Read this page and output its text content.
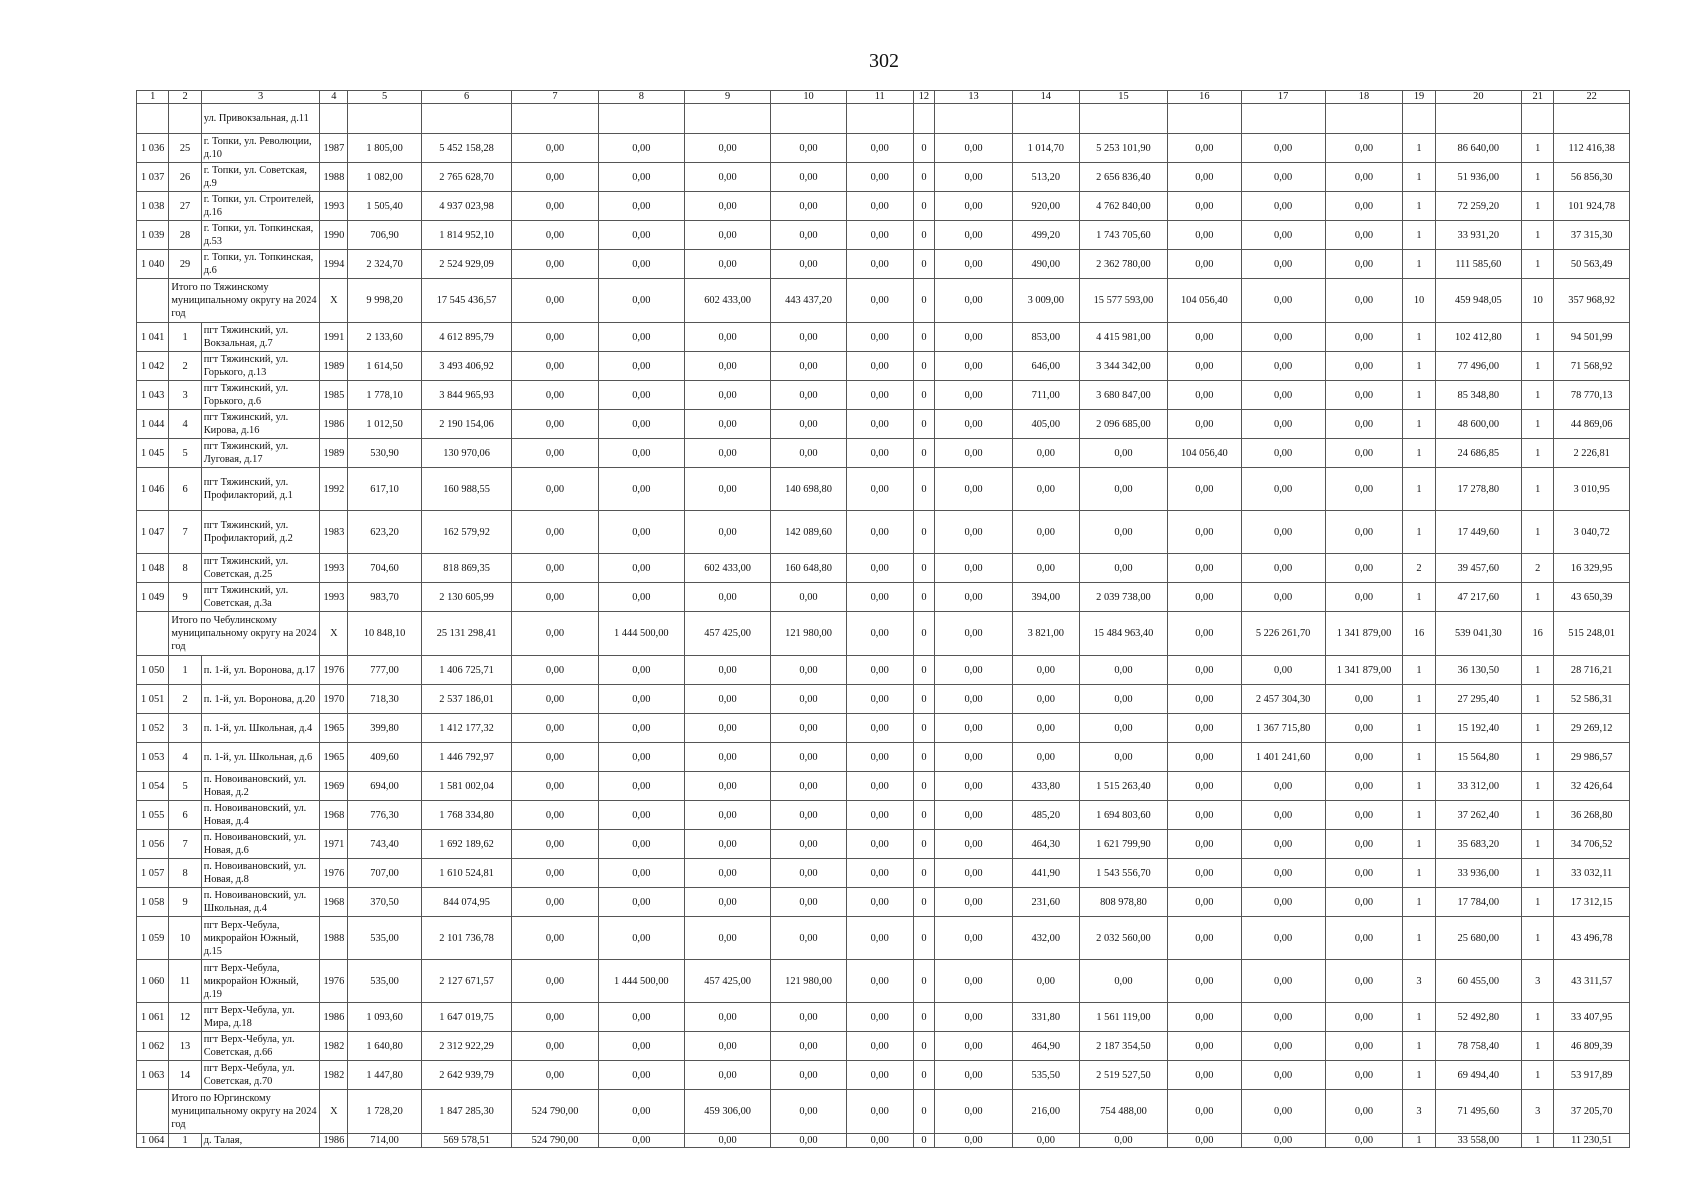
302
1	2	3	4	5	6	7	8	9	10	11	12	13	14	15	16	17	18	19	20	21	22
		ул. Привокзальная, д.11																			
1 036	25	г. Топки, ул. Революции, д.10	1987	1 805,00	5 452 158,28	0,00	0,00	0,00	0,00	0,00	0	0,00	1 014,70	5 253 101,90	0,00	0,00	0,00	1	86 640,00	1	112 416,38
1 037	26	г. Топки, ул. Советская, д.9	1988	1 082,00	2 765 628,70	0,00	0,00	0,00	0,00	0,00	0	0,00	513,20	2 656 836,40	0,00	0,00	0,00	1	51 936,00	1	56 856,30
1 038	27	г. Топки, ул. Строителей, д.16	1993	1 505,40	4 937 023,98	0,00	0,00	0,00	0,00	0,00	0	0,00	920,00	4 762 840,00	0,00	0,00	0,00	1	72 259,20	1	101 924,78
1 039	28	г. Топки, ул. Топкинская, д.53	1990	706,90	1 814 952,10	0,00	0,00	0,00	0,00	0,00	0	0,00	499,20	1 743 705,60	0,00	0,00	0,00	1	33 931,20	1	37 315,30
1 040	29	г. Топки, ул. Топкинская, д.6	1994	2 324,70	2 524 929,09	0,00	0,00	0,00	0,00	0,00	0	0,00	490,00	2 362 780,00	0,00	0,00	0,00	1	111 585,60	1	50 563,49
	Итого по Тяжинскому муниципальному округу на 2024 год		X	9 998,20	17 545 436,57	0,00	0,00	602 433,00	443 437,20	0,00	0	0,00	3 009,00	15 577 593,00	104 056,40	0,00	0,00	10	459 948,05	10	357 968,92
1 041	1	пгт Тяжинский, ул. Вокзальная, д.7	1991	2 133,60	4 612 895,79	0,00	0,00	0,00	0,00	0,00	0	0,00	853,00	4 415 981,00	0,00	0,00	0,00	1	102 412,80	1	94 501,99
1 042	2	пгт Тяжинский, ул. Горького, д.13	1989	1 614,50	3 493 406,92	0,00	0,00	0,00	0,00	0,00	0	0,00	646,00	3 344 342,00	0,00	0,00	0,00	1	77 496,00	1	71 568,92
1 043	3	пгт Тяжинский, ул. Горького, д.6	1985	1 778,10	3 844 965,93	0,00	0,00	0,00	0,00	0,00	0	0,00	711,00	3 680 847,00	0,00	0,00	0,00	1	85 348,80	1	78 770,13
1 044	4	пгт Тяжинский, ул. Кирова, д.16	1986	1 012,50	2 190 154,06	0,00	0,00	0,00	0,00	0,00	0	0,00	405,00	2 096 685,00	0,00	0,00	0,00	1	48 600,00	1	44 869,06
1 045	5	пгт Тяжинский, ул. Луговая, д.17	1989	530,90	130 970,06	0,00	0,00	0,00	0,00	0,00	0	0,00	0,00	0,00	104 056,40	0,00	0,00	1	24 686,85	1	2 226,81
1 046	6	пгт Тяжинский, ул. Профилакторий, д.1	1992	617,10	160 988,55	0,00	0,00	0,00	140 698,80	0,00	0	0,00	0,00	0,00	0,00	0,00	0,00	1	17 278,80	1	3 010,95
1 047	7	пгт Тяжинский, ул. Профилакторий, д.2	1983	623,20	162 579,92	0,00	0,00	0,00	142 089,60	0,00	0	0,00	0,00	0,00	0,00	0,00	0,00	1	17 449,60	1	3 040,72
1 048	8	пгт Тяжинский, ул. Советская, д.25	1993	704,60	818 869,35	0,00	0,00	602 433,00	160 648,80	0,00	0	0,00	0,00	0,00	0,00	0,00	0,00	2	39 457,60	2	16 329,95
1 049	9	пгт Тяжинский, ул. Советская, д.3а	1993	983,70	2 130 605,99	0,00	0,00	0,00	0,00	0,00	0	0,00	394,00	2 039 738,00	0,00	0,00	0,00	1	47 217,60	1	43 650,39
	Итого по Чебулинскому муниципальному округу на 2024 год		X	10 848,10	25 131 298,41	0,00	1 444 500,00	457 425,00	121 980,00	0,00	0	0,00	3 821,00	15 484 963,40	0,00	5 226 261,70	1 341 879,00	16	539 041,30	16	515 248,01
1 050	1	п. 1-й, ул. Воронова, д.17	1976	777,00	1 406 725,71	0,00	0,00	0,00	0,00	0,00	0	0,00	0,00	0,00	0,00	0,00	1 341 879,00	1	36 130,50	1	28 716,21
1 051	2	п. 1-й, ул. Воронова, д.20	1970	718,30	2 537 186,01	0,00	0,00	0,00	0,00	0,00	0	0,00	0,00	0,00	0,00	2 457 304,30	0,00	1	27 295,40	1	52 586,31
1 052	3	п. 1-й, ул. Школьная, д.4	1965	399,80	1 412 177,32	0,00	0,00	0,00	0,00	0,00	0	0,00	0,00	0,00	0,00	1 367 715,80	0,00	1	15 192,40	1	29 269,12
1 053	4	п. 1-й, ул. Школьная, д.6	1965	409,60	1 446 792,97	0,00	0,00	0,00	0,00	0,00	0	0,00	0,00	0,00	0,00	1 401 241,60	0,00	1	15 564,80	1	29 986,57
1 054	5	п. Новоивановский, ул. Новая, д.2	1969	694,00	1 581 002,04	0,00	0,00	0,00	0,00	0,00	0	0,00	433,80	1 515 263,40	0,00	0,00	0,00	1	33 312,00	1	32 426,64
1 055	6	п. Новоивановский, ул. Новая, д.4	1968	776,30	1 768 334,80	0,00	0,00	0,00	0,00	0,00	0	0,00	485,20	1 694 803,60	0,00	0,00	0,00	1	37 262,40	1	36 268,80
1 056	7	п. Новоивановский, ул. Новая, д.6	1971	743,40	1 692 189,62	0,00	0,00	0,00	0,00	0,00	0	0,00	464,30	1 621 799,90	0,00	0,00	0,00	1	35 683,20	1	34 706,52
1 057	8	п. Новоивановский, ул. Новая, д.8	1976	707,00	1 610 524,81	0,00	0,00	0,00	0,00	0,00	0	0,00	441,90	1 543 556,70	0,00	0,00	0,00	1	33 936,00	1	33 032,11
1 058	9	п. Новоивановский, ул. Школьная, д.4	1968	370,50	844 074,95	0,00	0,00	0,00	0,00	0,00	0	0,00	231,60	808 978,80	0,00	0,00	0,00	1	17 784,00	1	17 312,15
1 059	10	пгт Верх-Чебула, микрорайон Южный, д.15	1988	535,00	2 101 736,78	0,00	0,00	0,00	0,00	0,00	0	0,00	432,00	2 032 560,00	0,00	0,00	0,00	1	25 680,00	1	43 496,78
1 060	11	пгт Верх-Чебула, микрорайон Южный, д.19	1976	535,00	2 127 671,57	0,00	1 444 500,00	457 425,00	121 980,00	0,00	0	0,00	0,00	0,00	0,00	0,00	0,00	3	60 455,00	3	43 311,57
1 061	12	пгт Верх-Чебула, ул. Мира, д.18	1986	1 093,60	1 647 019,75	0,00	0,00	0,00	0,00	0,00	0	0,00	331,80	1 561 119,00	0,00	0,00	0,00	1	52 492,80	1	33 407,95
1 062	13	пгт Верх-Чебула, ул. Советская, д.66	1982	1 640,80	2 312 922,29	0,00	0,00	0,00	0,00	0,00	0	0,00	464,90	2 187 354,50	0,00	0,00	0,00	1	78 758,40	1	46 809,39
1 063	14	пгт Верх-Чебула, ул. Советская, д.70	1982	1 447,80	2 642 939,79	0,00	0,00	0,00	0,00	0,00	0	0,00	535,50	2 519 527,50	0,00	0,00	0,00	1	69 494,40	1	53 917,89
	Итого по Юргинскому муниципальному округу на 2024 год		X	1 728,20	1 847 285,30	524 790,00	0,00	459 306,00	0,00	0,00	0	0,00	216,00	754 488,00	0,00	0,00	0,00	3	71 495,60	3	37 205,70
1 064	1	д. Талая,	1986	714,00	569 578,51	524 790,00	0,00	0,00	0,00	0,00	0	0,00	0,00	0,00	0,00	0,00	0,00	1	33 558,00	1	11 230,51
